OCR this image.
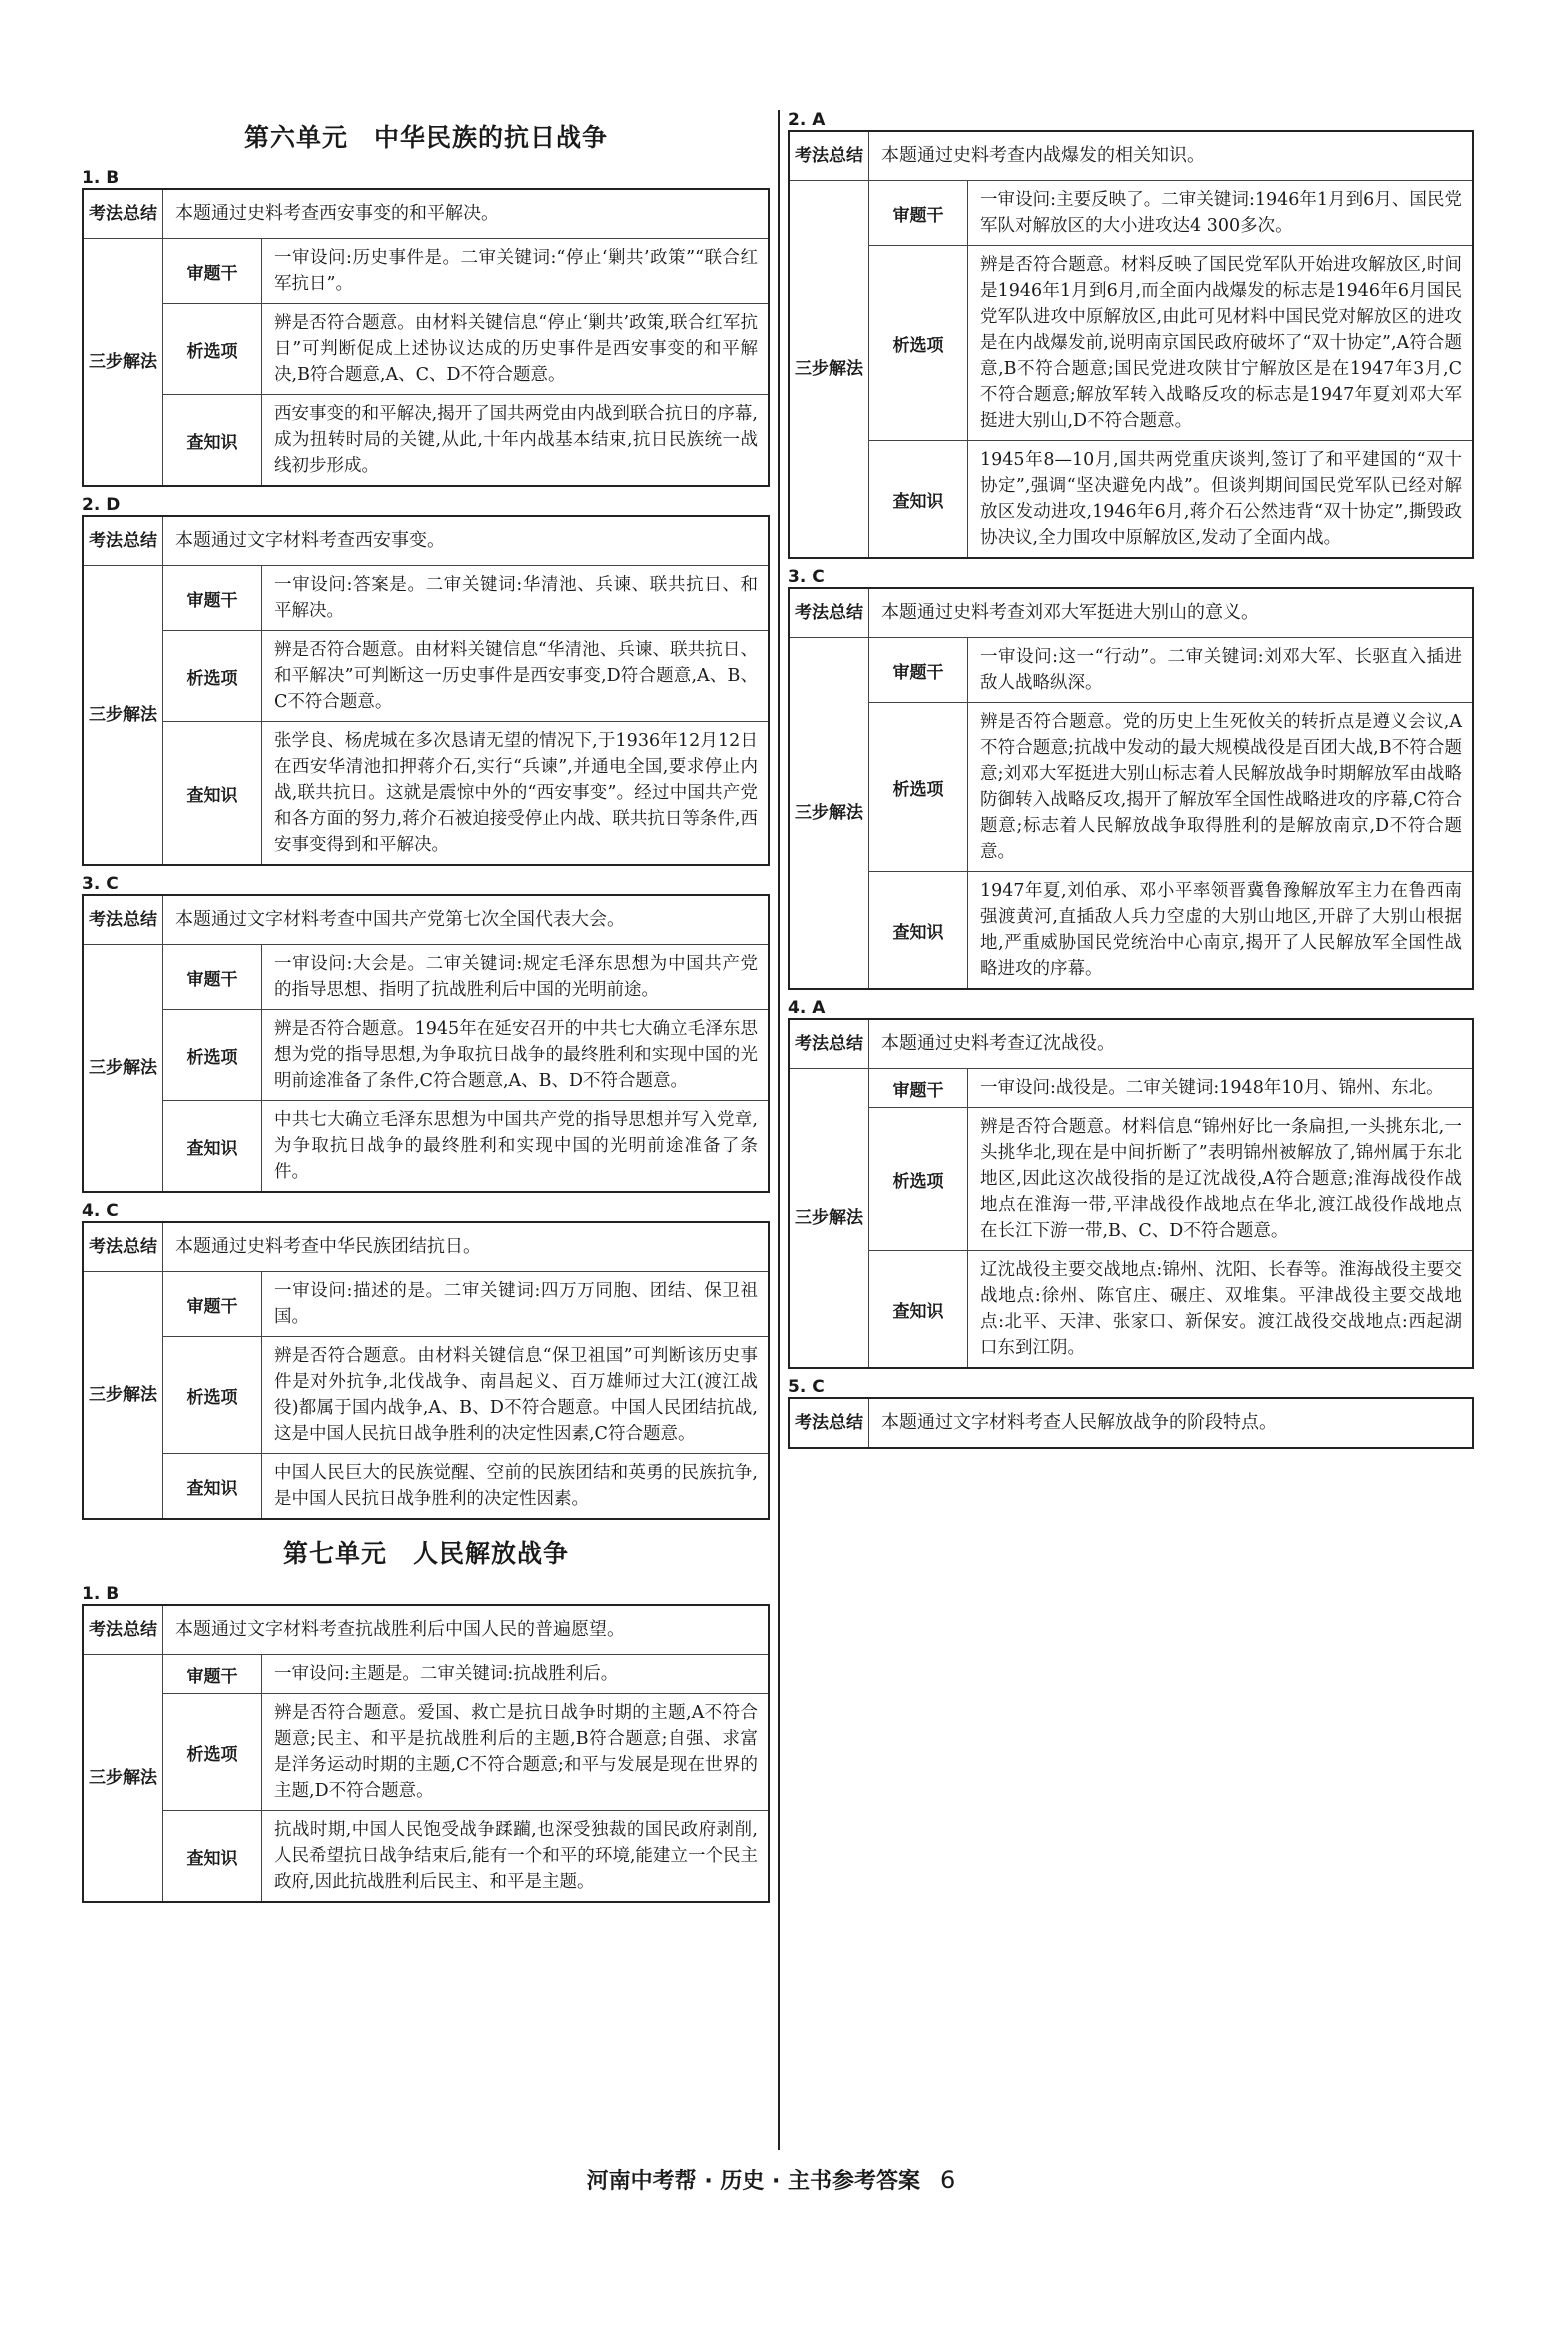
第六单元　中华民族的抗日战争
1. B
考法总结	本题通过史料考查西安事变的和平解决。	
三步解法	审题干	一审设问:历史事件是。二审关键词:“停止‘剿共’政策”“联合红军抗日”。
	析选项	辨是否符合题意。由材料关键信息“停止‘剿共’政策,联合红军抗日”可判断促成上述协议达成的历史事件是西安事变的和平解决,B符合题意,A、C、D不符合题意。
	查知识	西安事变的和平解决,揭开了国共两党由内战到联合抗日的序幕,成为扭转时局的关键,从此,十年内战基本结束,抗日民族统一战线初步形成。
2. D
考法总结	本题通过文字材料考查西安事变。	
三步解法	审题干	一审设问:答案是。二审关键词:华清池、兵谏、联共抗日、和平解决。
	析选项	辨是否符合题意。由材料关键信息“华清池、兵谏、联共抗日、和平解决”可判断这一历史事件是西安事变,D符合题意,A、B、C不符合题意。
	查知识	张学良、杨虎城在多次恳请无望的情况下,于1936年12月12日在西安华清池扣押蒋介石,实行“兵谏”,并通电全国,要求停止内战,联共抗日。这就是震惊中外的“西安事变”。经过中国共产党和各方面的努力,蒋介石被迫接受停止内战、联共抗日等条件,西安事变得到和平解决。
3. C
考法总结	本题通过文字材料考查中国共产党第七次全国代表大会。	
三步解法	审题干	一审设问:大会是。二审关键词:规定毛泽东思想为中国共产党的指导思想、指明了抗战胜利后中国的光明前途。
	析选项	辨是否符合题意。1945年在延安召开的中共七大确立毛泽东思想为党的指导思想,为争取抗日战争的最终胜利和实现中国的光明前途准备了条件,C符合题意,A、B、D不符合题意。
	查知识	中共七大确立毛泽东思想为中国共产党的指导思想并写入党章,为争取抗日战争的最终胜利和实现中国的光明前途准备了条件。
4. C
考法总结	本题通过史料考查中华民族团结抗日。	
三步解法	审题干	一审设问:描述的是。二审关键词:四万万同胞、团结、保卫祖国。
	析选项	辨是否符合题意。由材料关键信息“保卫祖国”可判断该历史事件是对外抗争,北伐战争、南昌起义、百万雄师过大江(渡江战役)都属于国内战争,A、B、D不符合题意。中国人民团结抗战,这是中国人民抗日战争胜利的决定性因素,C符合题意。
	查知识	中国人民巨大的民族觉醒、空前的民族团结和英勇的民族抗争,是中国人民抗日战争胜利的决定性因素。
第七单元　人民解放战争
1. B
考法总结	本题通过文字材料考查抗战胜利后中国人民的普遍愿望。	
三步解法	审题干	一审设问:主题是。二审关键词:抗战胜利后。
	析选项	辨是否符合题意。爱国、救亡是抗日战争时期的主题,A不符合题意;民主、和平是抗战胜利后的主题,B符合题意;自强、求富是洋务运动时期的主题,C不符合题意;和平与发展是现在世界的主题,D不符合题意。
	查知识	抗战时期,中国人民饱受战争蹂躏,也深受独裁的国民政府剥削,人民希望抗日战争结束后,能有一个和平的环境,能建立一个民主政府,因此抗战胜利后民主、和平是主题。
2. A
考法总结	本题通过史料考查内战爆发的相关知识。	
三步解法	审题干	一审设问:主要反映了。二审关键词:1946年1月到6月、国民党军队对解放区的大小进攻达4 300多次。
	析选项	辨是否符合题意。材料反映了国民党军队开始进攻解放区,时间是1946年1月到6月,而全面内战爆发的标志是1946年6月国民党军队进攻中原解放区,由此可见材料中国民党对解放区的进攻是在内战爆发前,说明南京国民政府破坏了“双十协定”,A符合题意,B不符合题意;国民党进攻陕甘宁解放区是在1947年3月,C不符合题意;解放军转入战略反攻的标志是1947年夏刘邓大军挺进大别山,D不符合题意。
	查知识	1945年8—10月,国共两党重庆谈判,签订了和平建国的“双十协定”,强调“坚决避免内战”。但谈判期间国民党军队已经对解放区发动进攻,1946年6月,蒋介石公然违背“双十协定”,撕毁政协决议,全力围攻中原解放区,发动了全面内战。
3. C
考法总结	本题通过史料考查刘邓大军挺进大别山的意义。	
三步解法	审题干	一审设问:这一“行动”。二审关键词:刘邓大军、长驱直入插进敌人战略纵深。
	析选项	辨是否符合题意。党的历史上生死攸关的转折点是遵义会议,A不符合题意;抗战中发动的最大规模战役是百团大战,B不符合题意;刘邓大军挺进大别山标志着人民解放战争时期解放军由战略防御转入战略反攻,揭开了解放军全国性战略进攻的序幕,C符合题意;标志着人民解放战争取得胜利的是解放南京,D不符合题意。
	查知识	1947年夏,刘伯承、邓小平率领晋冀鲁豫解放军主力在鲁西南强渡黄河,直插敌人兵力空虚的大别山地区,开辟了大别山根据地,严重威胁国民党统治中心南京,揭开了人民解放军全国性战略进攻的序幕。
4. A
考法总结	本题通过史料考查辽沈战役。	
三步解法	审题干	一审设问:战役是。二审关键词:1948年10月、锦州、东北。
	析选项	辨是否符合题意。材料信息“锦州好比一条扁担,一头挑东北,一头挑华北,现在是中间折断了”表明锦州被解放了,锦州属于东北地区,因此这次战役指的是辽沈战役,A符合题意;淮海战役作战地点在淮海一带,平津战役作战地点在华北,渡江战役作战地点在长江下游一带,B、C、D不符合题意。
	查知识	辽沈战役主要交战地点:锦州、沈阳、长春等。淮海战役主要交战地点:徐州、陈官庄、碾庄、双堆集。平津战役主要交战地点:北平、天津、张家口、新保安。渡江战役交战地点:西起湖口东到江阴。
5. C
考法总结	本题通过文字材料考查人民解放战争的阶段特点。
河南中考帮 · 历史 · 主书参考答案 6
